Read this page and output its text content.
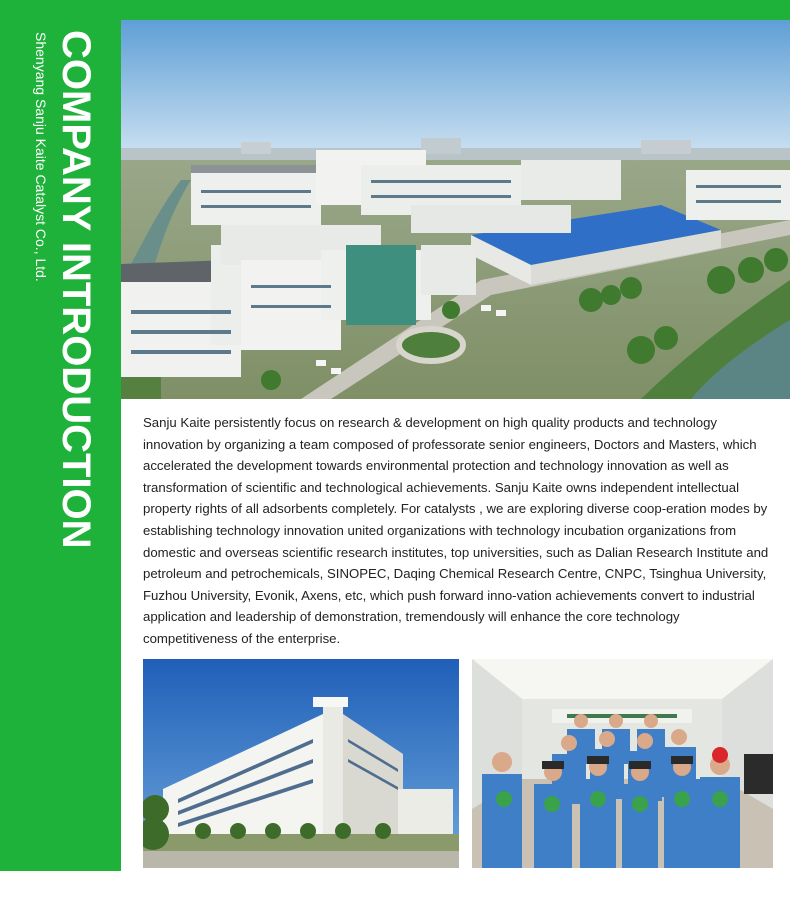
COMPANY INTRODUCTION
Shenyang Sanju Kaite Catalyst Co., Ltd.

Sanju Kaite persistently focus on research & development on high quality products and technology innovation by organizing a team composed of professorate senior engineers, Doctors and Masters, which accelerated the development towards environmental protection and technology innovation as well as transformation of scientific and technological achievements. Sanju Kaite owns independent intellectual property rights of all adsorbents completely. For catalysts , we are exploring diverse coop-eration modes by establishing technology innovation united organizations with technology incubation organizations from domestic and overseas scientific research institutes, top universities, such as Dalian Research Institute and petroleum and petrochemicals, SINOPEC, Daqing Chemical Research Centre, CNPC, Tsinghua University, Fuzhou University, Evonik, Axens, etc, which push forward inno-vation achievements convert to industrial application and leadership of demonstration, tremendously will enhance the core technology competitiveness of the enterprise.
